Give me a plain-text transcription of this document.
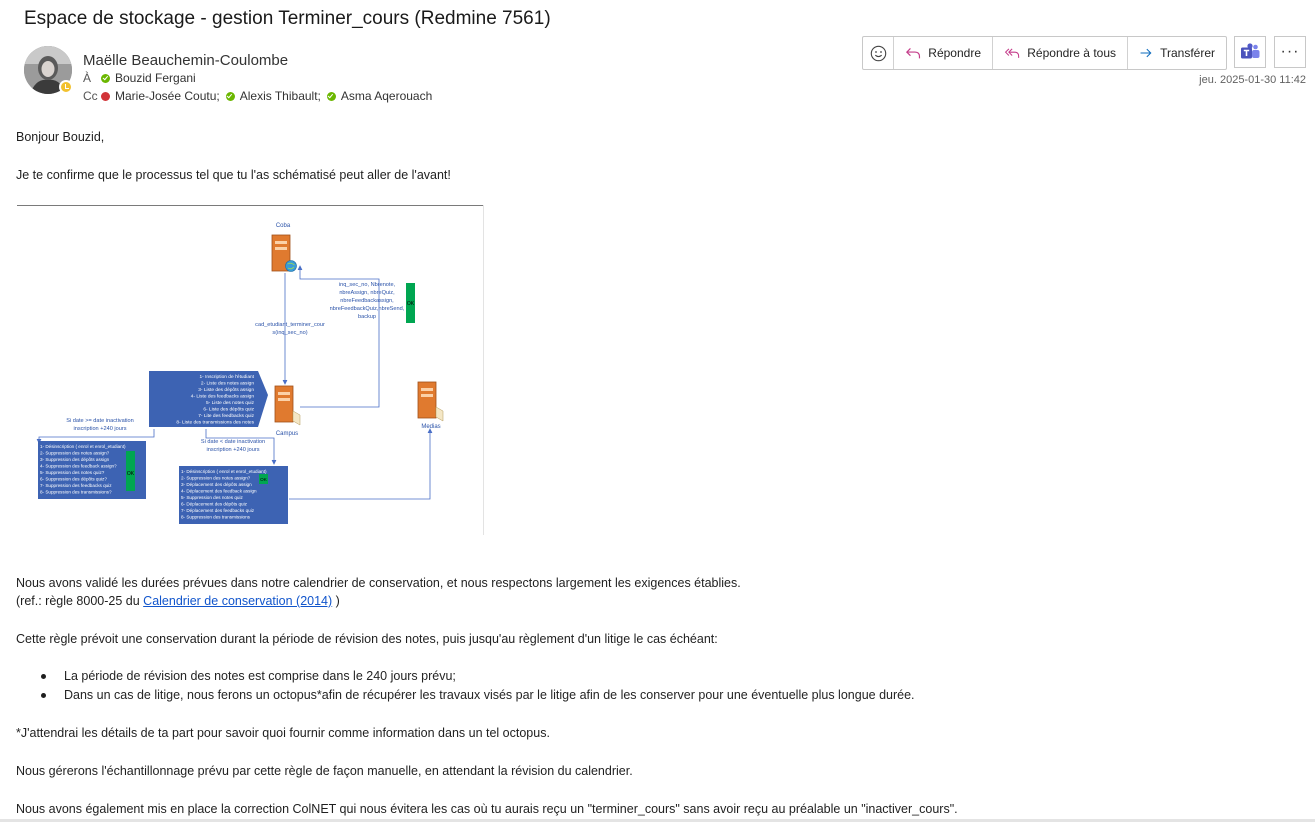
Espace de stockage - gestion Terminer_cours (Redmine 7561)
Maëlle Beauchemin-Coulombe
À	Bouzid Fergani
Cc Marie-Josée Coutu; Alexis Thibault; Asma Aqerouach
Répondre	Répondre à tous	Transférer	···
jeu. 2025-01-30 11:42
Bonjour Bouzid,
Je te confirme que le processus tel que tu l'as schématisé peut aller de l'avant!
Coba
OK
inq_sec_no, Nbrenote,
nbreAssign, nbreQuiz,
nbreFeedbackassign,
nbreFeedbackQuiz,nbreSend,
backup
cad_etudiant_terminer_cour
s(inq_sec_no)
1- Inscription de l'étudiant
2- Liste des notes assign
3- Liste des dépôts assign
4- Liste des feedbacks assign
5- Liste des notes quiz
6- Liste des dépôts quiz
7- Lite des feedbacks quiz
8- Liste des transmissions des notes
Campus
Medias
Si date >= date inactivation
inscription +240 jours
Si date < date inactivation
inscription +240 jours
OK
1- Désinscription ( enrol et enrol_etudiant)
2- Suppression des notes assign?
3- Suppression des dépôts assign
4- Suppression des feedback assign?
5- Suppression des notes quiz?
6- Suppression des dépôts quiz?
7- Suppression des feedbacks quiz
8- Suppression des transmissions?
OK
1- Désinscription ( enrol et enrol_etudiant)
2- Suppression des notes assign?
3- Déplacement des dépôts assign
4- Déplacement des feedback assign
5- Suppression des notes quiz
6- Déplacement des dépôts quiz
7- Déplacement des feedbacks quiz
8- Suppression des transmissions
Nous avons validé les durées prévues dans notre calendrier de conservation, et nous respectons largement les exigences établies.
(ref.: règle 8000-25 du Calendrier de conservation (2014) )
Cette règle prévoit une conservation durant la période de révision des notes, puis jusqu'au règlement d'un litige le cas échéant:
La période de révision des notes est comprise dans le 240 jours prévu;
Dans un cas de litige, nous ferons un octopus*afin de récupérer les travaux visés par le litige afin de les conserver pour une éventuelle plus longue durée.
*J'attendrai les détails de ta part pour savoir quoi fournir comme information dans un tel octopus.
Nous gérerons l'échantillonnage prévu par cette règle de façon manuelle, en attendant la révision du calendrier.
Nous avons également mis en place la correction ColNET qui nous évitera les cas où tu aurais reçu un "terminer_cours" sans avoir reçu au préalable un "inactiver_cours".
